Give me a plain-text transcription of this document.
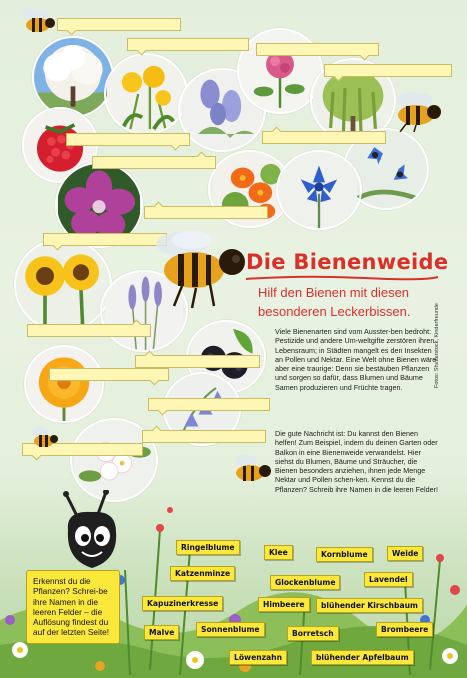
Die Bienenweide
Hilf den Bienen mit diesen besonderen Leckerbissen.
Viele Bienenarten sind vom Ausster-ben bedroht: Pestizide und andere Um-weltgifte zerstören ihren Lebensraum; in Städten mangelt es den Insekten an Pollen und Nektar. Eine Welt ohne Bienen wäre aber eine traurige: Denn sie bestäuben Pflanzen und sorgen so dafür, dass Blumen und Bäume Samen produzieren und Früchte tragen.
Die gute Nachricht ist: Du kannst den Bienen helfen! Zum Beispiel, indem du deinen Garten oder Balkon in eine Bienenweide verwandelst. Hier siehst du Blumen, Bäume und Sträucher, die Bienen besonders anziehen, ihnen jede Menge Nektar und Pollen schen-ken. Kennst du die Pflanzen? Schreib ihre Namen in die leeren Felder!
Fotos: Shutterstock, Kinderfreunde
Erkennst du die Pflanzen? Schrei-be ihre Namen in die leeren Felder – die Auflösung findest du auf der letzten Seite!
Ringelblume
Klee	Kornblume	Weide
Katzenminze
Glockenblume	Lavendel
Kapuzinerkresse	Himbeere	blühender Kirschbaum
Malve	Sonnenblume	Borretsch	Brombeere
Löwenzahn	blühender Apfelbaum
